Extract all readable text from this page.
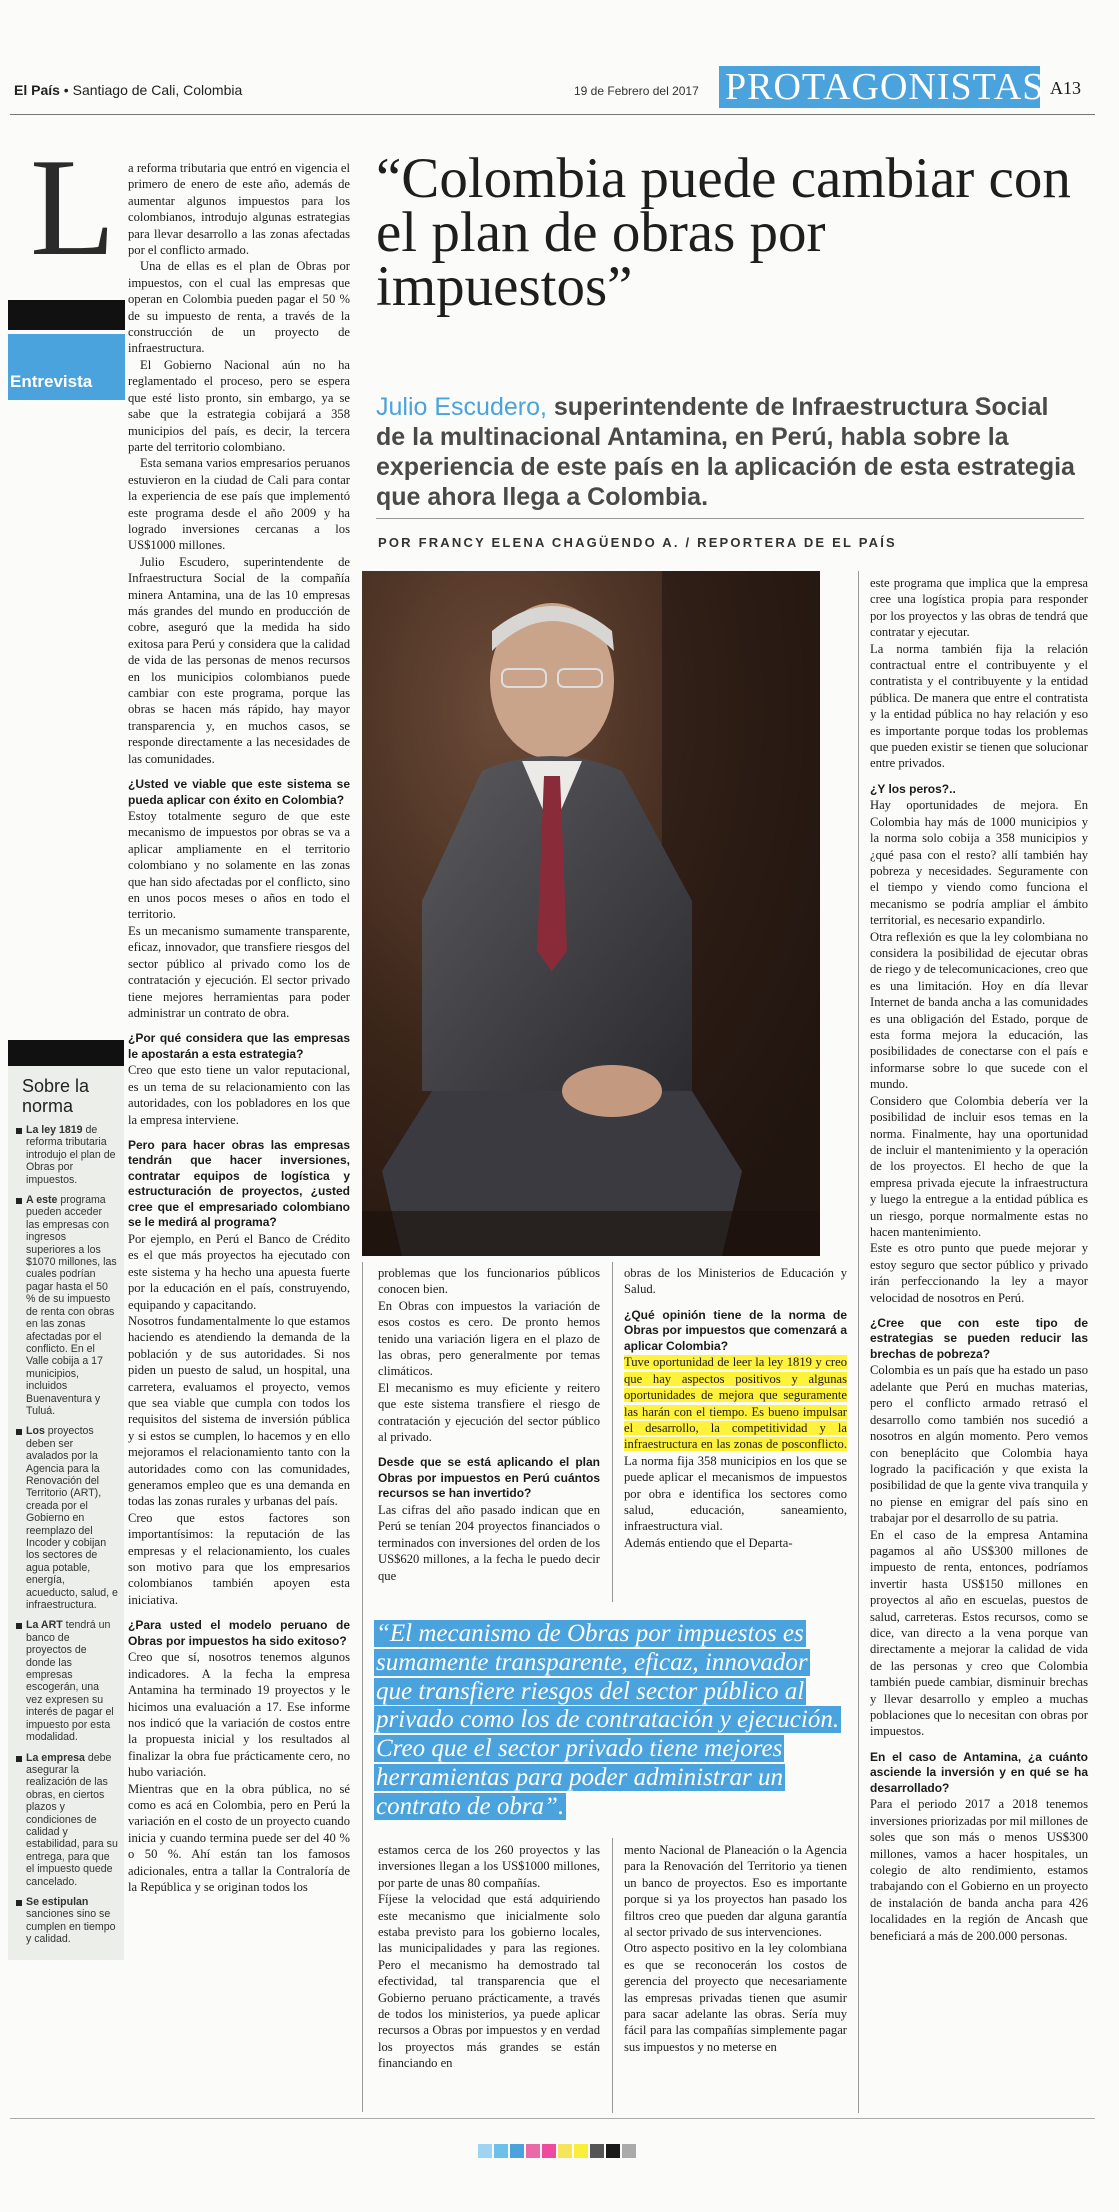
El País • Santiago de Cali, Colombia	19 de Febrero del 2017 PROTAGONISTAS A13
L
Entrevista

a reforma tributaria que entró en vigencia el primero de enero de este año, además de aumentar algunos impuestos para los colombianos, introdujo algunas estrategias para llevar desarrollo a las zonas afectadas por el conflicto armado.

Una de ellas es el plan de Obras por impuestos, con el cual las empresas que operan en Colombia pueden pagar el 50 % de su impuesto de renta, a través de la construcción de un proyecto de infraestructura.

El Gobierno Nacional aún no ha reglamentado el proceso, pero se espera que esté listo pronto, sin embargo, ya se sabe que la estrategia cobijará a 358 municipios del país, es decir, la tercera parte del territorio colombiano.

Esta semana varios empresarios peruanos estuvieron en la ciudad de Cali para contar la experiencia de ese país que implementó este programa desde el año 2009 y ha logrado inversiones cercanas a los US$1000 millones.

Julio Escudero, superintendente de Infraestructura Social de la compañía minera Antamina, una de las 10 empresas más grandes del mundo en producción de cobre, aseguró que la medida ha sido exitosa para Perú y considera que la calidad de vida de las personas de menos recursos en los municipios colombianos puede cambiar con este programa, porque las obras se hacen más rápido, hay mayor transparencia y, en muchos casos, se responde directamente a las necesidades de las comunidades.

¿Usted ve viable que este sistema se pueda aplicar con éxito en Colombia?

Estoy totalmente seguro de que este mecanismo de impuestos por obras se va a aplicar ampliamente en el territorio colombiano y no solamente en las zonas que han sido afectadas por el conflicto, sino en unos pocos meses o años en todo el territorio.

Es un mecanismo sumamente transparente, eficaz, innovador, que transfiere riesgos del sector público al privado como los de contratación y ejecución. El sector privado tiene mejores herramientas para poder administrar un contrato de obra.

¿Por qué considera que las empresas le apostarán a esta estrategia?

Creo que esto tiene un valor reputacional, es un tema de su relacionamiento con las autoridades, con los pobladores en los que la empresa interviene.

Pero para hacer obras las empresas tendrán que hacer inversiones, contratar equipos de logística y estructuración de proyectos, ¿usted cree que el empresariado colombiano se le medirá al programa?

Por ejemplo, en Perú el Banco de Crédito es el que más proyectos ha ejecutado con este sistema y ha hecho una apuesta fuerte por la educación en el país, construyendo, equipando y capacitando.

Nosotros fundamentalmente lo que estamos haciendo es atendiendo la demanda de la población y de sus autoridades. Si nos piden un puesto de salud, un hospital, una carretera, evaluamos el proyecto, vemos que sea viable que cumpla con todos los requisitos del sistema de inversión pública y si estos se cumplen, lo hacemos y en ello mejoramos el relacionamiento tanto con la autoridades como con las comunidades, generamos empleo que es una demanda en todas las zonas rurales y urbanas del país.

Creo que estos factores son importantísimos: la reputación de las empresas y el relacionamiento, los cuales son motivo para que los empresarios colombianos también apoyen esta iniciativa.

¿Para usted el modelo peruano de Obras por impuestos ha sido exitoso?

Creo que sí, nosotros tenemos algunos indicadores. A la fecha la empresa Antamina ha terminado 19 proyectos y le hicimos una evaluación a 17. Ese informe nos indicó que la variación de costos entre la propuesta inicial y los resultados al finalizar la obra fue prácticamente cero, no hubo variación.

Mientras que en la obra pública, no sé como es acá en Colombia, pero en Perú la variación en el costo de un proyecto cuando inicia y cuando termina puede ser del 40 % o 50 %. Ahí están tan los famosos adicionales, entra a tallar la Contraloría de la República y se originan todos los

Sobre la norma
La ley 1819 de reforma tributaria introdujo el plan de Obras por impuestos.
A este programa pueden acceder las empresas con ingresos superiores a los $1070 millones, las cuales podrían pagar hasta el 50 % de su impuesto de renta con obras en las zonas afectadas por el conflicto. En el Valle cobija a 17 municipios, incluidos Buenaventura y Tuluá.
Los proyectos deben ser avalados por la Agencia para la Renovación del Territorio (ART), creada por el Gobierno en reemplazo del Incoder y cobijan los sectores de agua potable, energía, acueducto, salud, e infraestructura.
La ART tendrá un banco de proyectos de donde las empresas escogerán, una vez expresen su interés de pagar el impuesto por esta modalidad.
La empresa debe asegurar la realización de las obras, en ciertos plazos y condiciones de calidad y estabilidad, para su entrega, para que el impuesto quede cancelado.
Se estipulan sanciones sino se cumplen en tiempo y calidad.
“Colombia puede cambiar con el plan de obras por impuestos”
Julio Escudero, superintendente de Infraestructura Social de la multinacional Antamina, en Perú, habla sobre la experiencia de este país en la aplicación de esta estrategia que ahora llega a Colombia.
POR FRANCY ELENA CHAGÜENDO A. / REPORTERA DE EL PAÍS

problemas que los funcionarios públicos conocen bien.

En Obras con impuestos la variación de esos costos es cero. De pronto hemos tenido una variación ligera en el plazo de las obras, pero generalmente por temas climáticos.

El mecanismo es muy eficiente y reitero que este sistema transfiere el riesgo de contratación y ejecución del sector público al privado.

Desde que se está aplicando el plan Obras por impuestos en Perú cuántos recursos se han invertido?

Las cifras del año pasado indican que en Perú se tenían 204 proyectos financiados o terminados con inversiones del orden de los US$620 millones, a la fecha le puedo decir que

obras de los Ministerios de Educación y Salud.

¿Qué opinión tiene de la norma de Obras por impuestos que comenzará a aplicar Colombia?

Tuve oportunidad de leer la ley 1819 y creo que hay aspectos positivos y algunas oportunidades de mejora que seguramente las harán con el tiempo. Es bueno impulsar el desarrollo, la competitividad y la infraestructura en las zonas de posconflicto. La norma fija 358 municipios en los que se puede aplicar el mecanismos de impuestos por obra e identifica los sectores como salud, educación, saneamiento, infraestructura vial.

Además entiendo que el Departa-

“El mecanismo de Obras por impuestos es sumamente transparente, eficaz, innovador que transfiere riesgos del sector público al privado como los de contratación y ejecución. Creo que el sector privado tiene mejores herramientas para poder administrar un contrato de obra”.

estamos cerca de los 260 proyectos y las inversiones llegan a los US$1000 millones, por parte de unas 80 compañías.

Fíjese la velocidad que está adquiriendo este mecanismo que inicialmente solo estaba previsto para los gobierno locales, las municipalidades y para las regiones. Pero el mecanismo ha demostrado tal efectividad, tal transparencia que el Gobierno peruano prácticamente, a través de todos los ministerios, ya puede aplicar recursos a Obras por impuestos y en verdad los proyectos más grandes se están financiando en

mento Nacional de Planeación o la Agencia para la Renovación del Territorio ya tienen un banco de proyectos. Eso es importante porque si ya los proyectos han pasado los filtros creo que pueden dar alguna garantía al sector privado de sus intervenciones.

Otro aspecto positivo en la ley colombiana es que se reconocerán los costos de gerencia del proyecto que necesariamente las empresas privadas tienen que asumir para sacar adelante las obras. Sería muy fácil para las compañías simplemente pagar sus impuestos y no meterse en

este programa que implica que la empresa cree una logística propia para responder por los proyectos y las obras de tendrá que contratar y ejecutar.

La norma también fija la relación contractual entre el contribuyente y el contratista y el contribuyente y la entidad pública. De manera que entre el contratista y la entidad pública no hay relación y eso es importante porque todas los problemas que pueden existir se tienen que solucionar entre privados.

¿Y los peros?..

Hay oportunidades de mejora. En Colombia hay más de 1000 municipios y la norma solo cobija a 358 municipios y ¿qué pasa con el resto? allí también hay pobreza y necesidades. Seguramente con el tiempo y viendo como funciona el mecanismo se podría ampliar el ámbito territorial, es necesario expandirlo.

Otra reflexión es que la ley colombiana no considera la posibilidad de ejecutar obras de riego y de telecomunicaciones, creo que es una limitación. Hoy en día llevar Internet de banda ancha a las comunidades es una obligación del Estado, porque de esta forma mejora la educación, las posibilidades de conectarse con el país e informarse sobre lo que sucede con el mundo.

Considero que Colombia debería ver la posibilidad de incluir esos temas en la norma. Finalmente, hay una oportunidad de incluir el mantenimiento y la operación de los proyectos. El hecho de que la empresa privada ejecute la infraestructura y luego la entregue a la entidad pública es un riesgo, porque normalmente estas no hacen mantenimiento.

Este es otro punto que puede mejorar y estoy seguro que sector público y privado irán perfeccionando la ley a mayor velocidad de nosotros en Perú.

¿Cree que con este tipo de estrategias se pueden reducir las brechas de pobreza?

Colombia es un país que ha estado un paso adelante que Perú en muchas materias, pero el conflicto armado retrasó el desarrollo como también nos sucedió a nosotros en algún momento. Pero vemos con beneplácito que Colombia haya logrado la pacificación y que exista la posibilidad de que la gente viva tranquila y no piense en emigrar del país sino en trabajar por el desarrollo de su patria.

En el caso de la empresa Antamina pagamos al año US$300 millones de impuesto de renta, entonces, podríamos invertir hasta US$150 millones en proyectos al año en escuelas, puestos de salud, carreteras. Estos recursos, como se dice, van directo a la vena porque van directamente a mejorar la calidad de vida de las personas y creo que Colombia también puede cambiar, disminuir brechas y llevar desarrollo y empleo a muchas poblaciones que lo necesitan con obras por impuestos.

En el caso de Antamina, ¿a cuánto asciende la inversión y en qué se ha desarrollado?

Para el periodo 2017 a 2018 tenemos inversiones priorizadas por mil millones de soles que son más o menos US$300 millones, vamos a hacer hospitales, un colegio de alto rendimiento, estamos trabajando con el Gobierno en un proyecto de instalación de banda ancha para 426 localidades en la región de Ancash que beneficiará a más de 200.000 personas.
